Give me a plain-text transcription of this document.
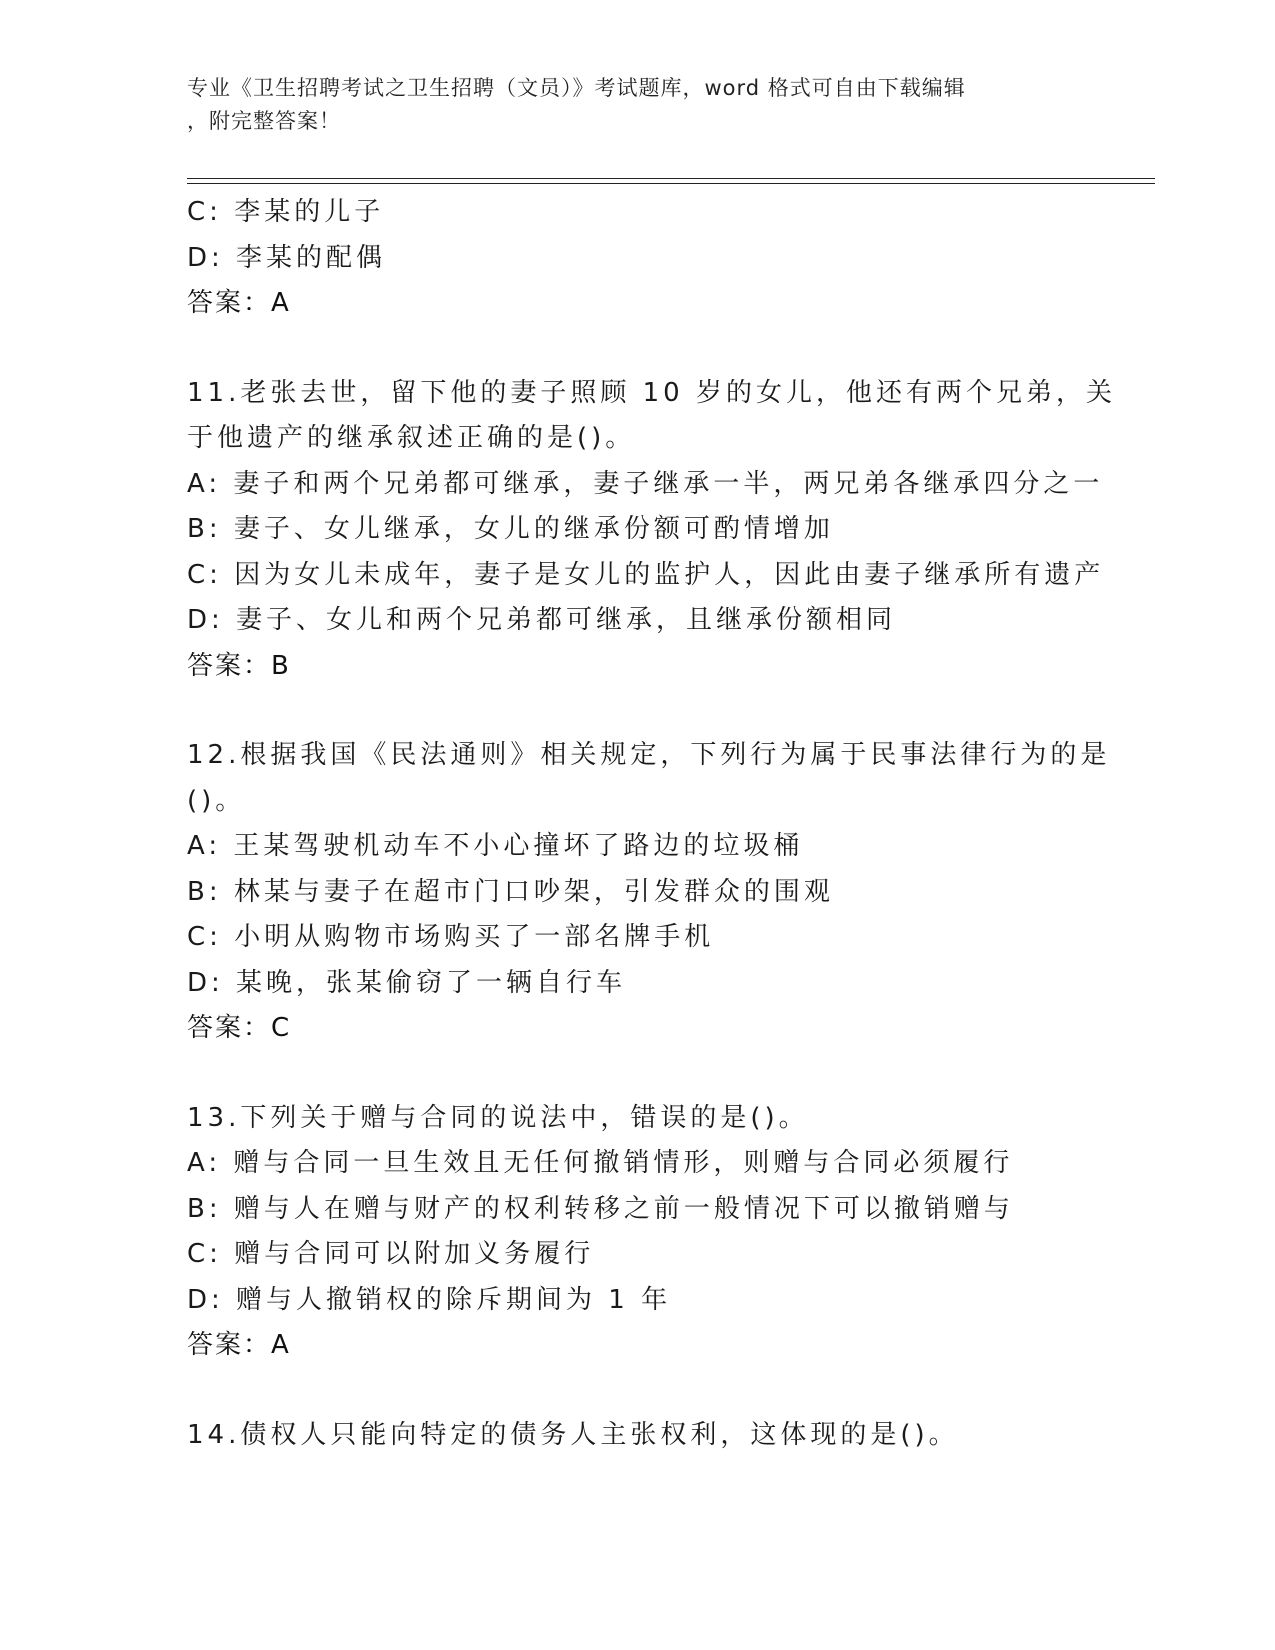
专业《卫生招聘考试之卫生招聘（文员）》考试题库，word 格式可自由下载编辑
，附完整答案！
C: 李某的儿子
D: 李某的配偶
答案：A
11.老张去世，留下他的妻子照顾 10 岁的女儿，他还有两个兄弟，关
于他遗产的继承叙述正确的是()。
A: 妻子和两个兄弟都可继承，妻子继承一半，两兄弟各继承四分之一
B: 妻子、女儿继承，女儿的继承份额可酌情增加
C: 因为女儿未成年，妻子是女儿的监护人，因此由妻子继承所有遗产
D: 妻子、女儿和两个兄弟都可继承，且继承份额相同
答案：B
12.根据我国《民法通则》相关规定，下列行为属于民事法律行为的是
()。
A: 王某驾驶机动车不小心撞坏了路边的垃圾桶
B: 林某与妻子在超市门口吵架，引发群众的围观
C: 小明从购物市场购买了一部名牌手机
D: 某晚，张某偷窃了一辆自行车
答案：C
13.下列关于赠与合同的说法中，错误的是()。
A: 赠与合同一旦生效且无任何撤销情形，则赠与合同必须履行
B: 赠与人在赠与财产的权利转移之前一般情况下可以撤销赠与
C: 赠与合同可以附加义务履行
D: 赠与人撤销权的除斥期间为 1 年
答案：A
14.债权人只能向特定的债务人主张权利，这体现的是()。
